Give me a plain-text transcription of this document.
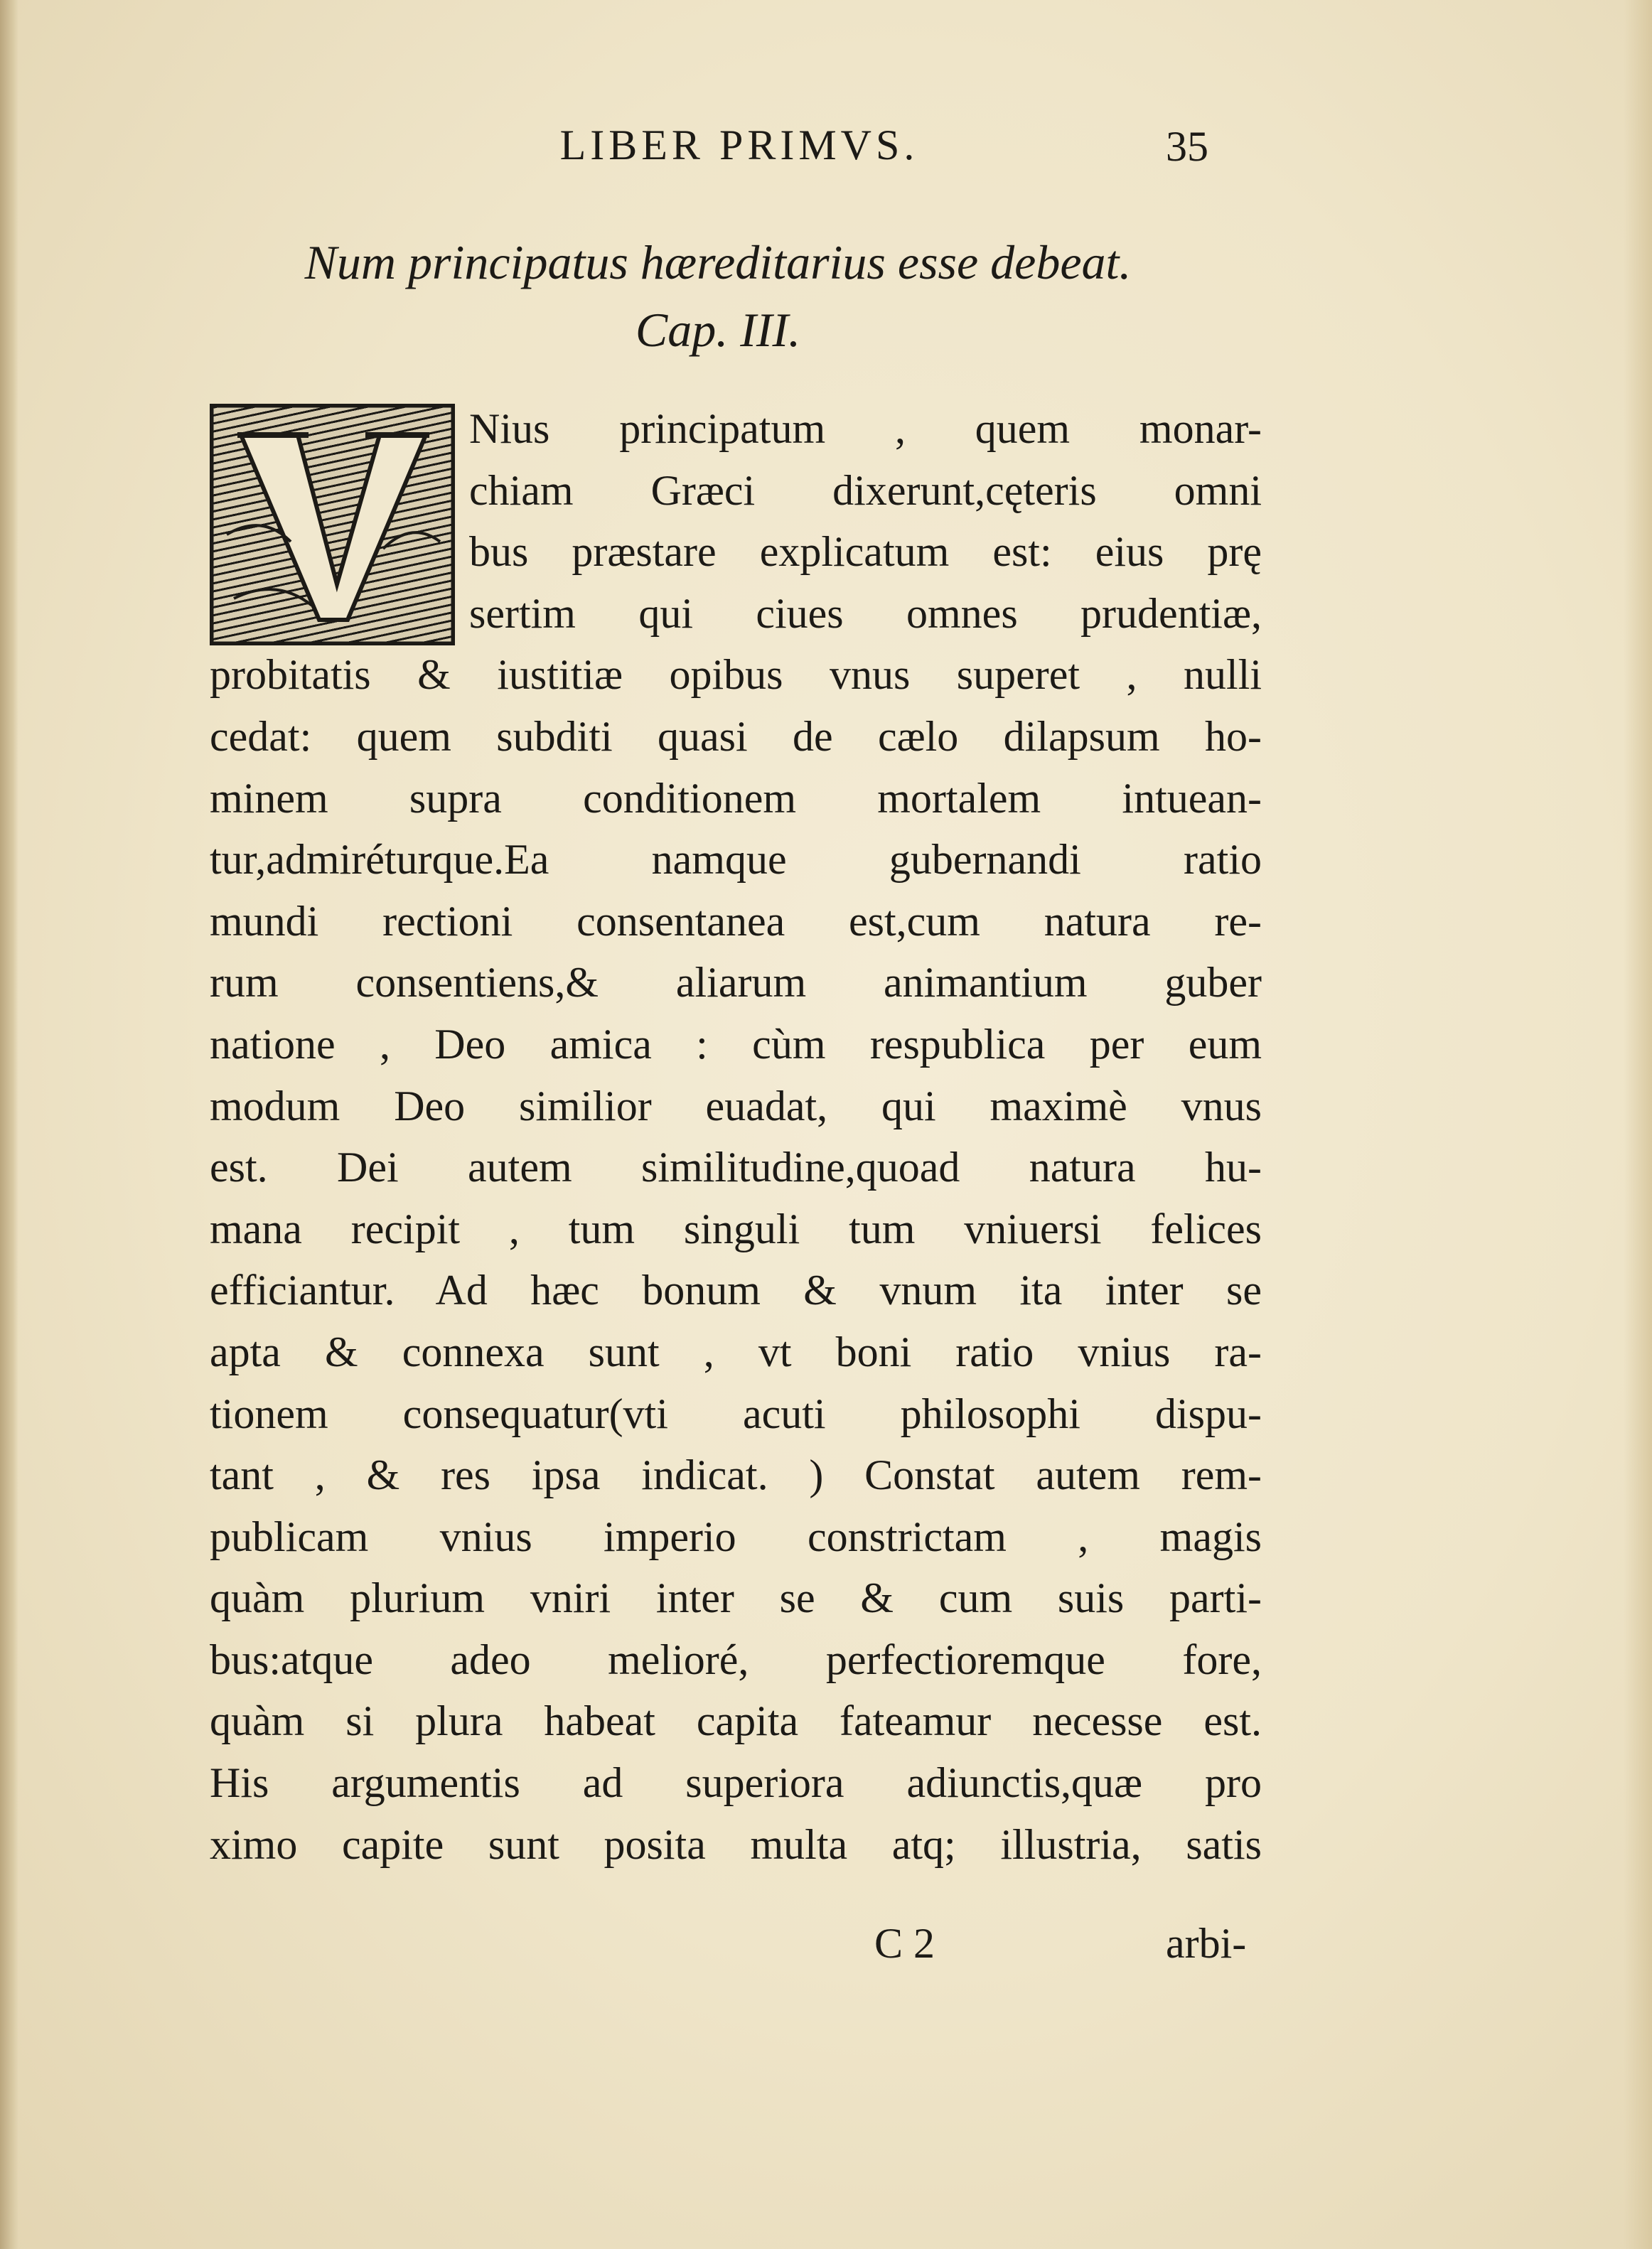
LIBER PRIMVS.	35
Num principatus hæreditarius esse debeat.
Cap. III.
Nius principatum , quem monar-
chiam Græci dixerunt,cęteris omni
bus præstare explicatum est: eius prę
sertim qui ciues omnes prudentiæ,
probitatis & iustitiæ opibus vnus superet , nulli
cedat: quem subditi quasi de cælo dilapsum ho-
minem supra conditionem mortalem intuean-
tur,admiréturque.Ea namque gubernandi ratio
mundi rectioni consentanea est,cum natura re-
rum consentiens,& aliarum animantium guber
natione , Deo amica : cùm respublica per eum
modum Deo similior euadat, qui maximè vnus
est. Dei autem similitudine,quoad natura hu-
mana recipit , tum singuli tum vniuersi felices
efficiantur. Ad hæc bonum & vnum ita inter se
apta & connexa sunt , vt boni ratio vnius ra-
tionem consequatur(vti acuti philosophi dispu-
tant , & res ipsa indicat. ) Constat autem rem-
publicam vnius imperio constrictam , magis
quàm plurium vniri inter se & cum suis parti-
bus:atque adeo melioré, perfectioremque fore,
quàm si plura habeat capita fateamur necesse est.
His argumentis ad superiora adiunctis,quæ pro
ximo capite sunt posita multa atq; illustria, satis
C 2	arbi-
